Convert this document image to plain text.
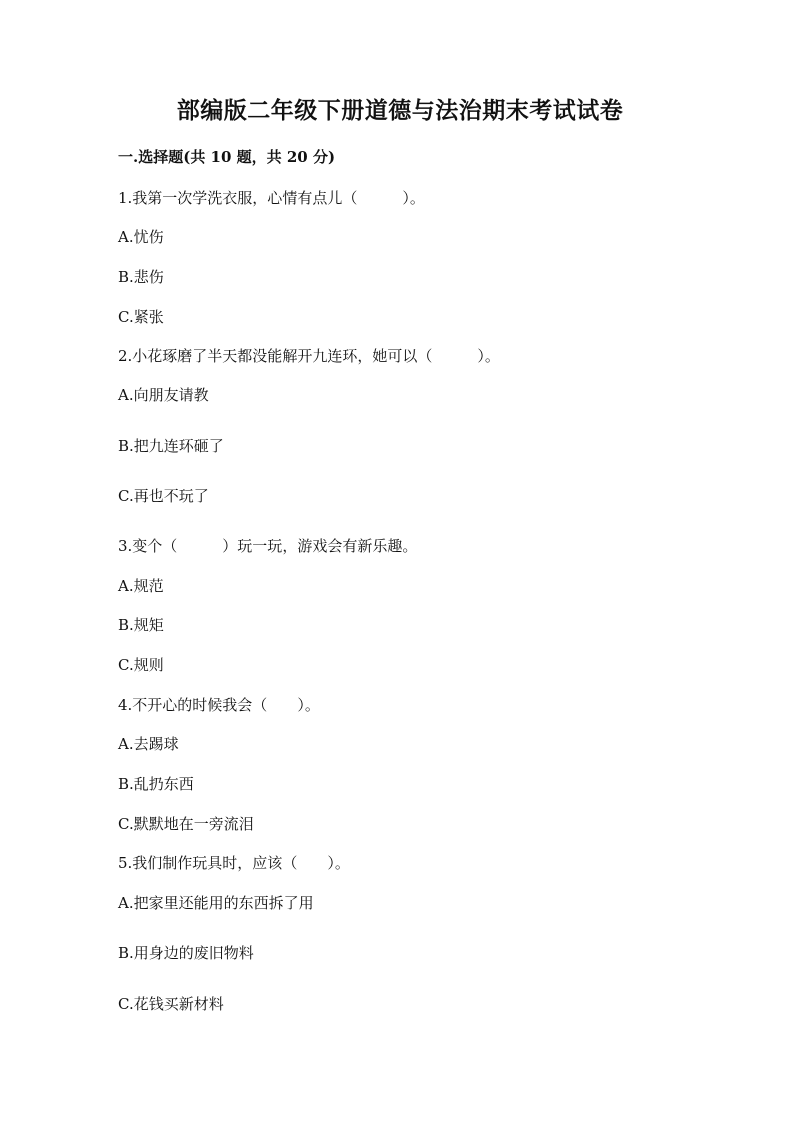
部编版二年级下册道德与法治期末考试试卷
一.选择题(共 10 题，共 20 分)
1.我第一次学洗衣服，心情有点儿（　　　）。
A.忧伤
B.悲伤
C.紧张
2.小花琢磨了半天都没能解开九连环，她可以（　　　）。
A.向朋友请教
B.把九连环砸了
C.再也不玩了
3.变个（　　　）玩一玩，游戏会有新乐趣。
A.规范
B.规矩
C.规则
4.不开心的时候我会（　　）。
A.去踢球
B.乱扔东西
C.默默地在一旁流泪
5.我们制作玩具时，应该（　　）。
A.把家里还能用的东西拆了用
B.用身边的废旧物料
C.花钱买新材料
